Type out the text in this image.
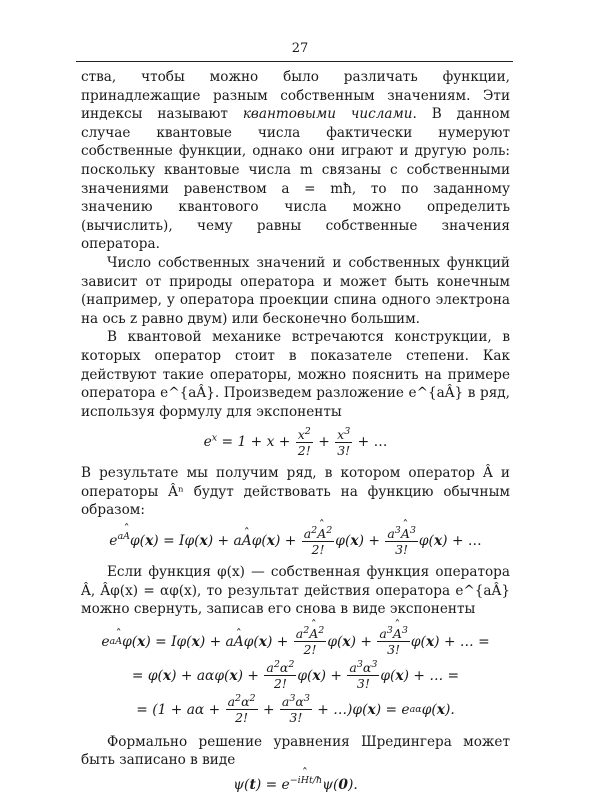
27

ства, чтобы можно было различать функции, принадлежащие разным собственным значениям. Эти индексы называют квантовыми числами. В данном случае квантовые числа фактически нумеруют собственные функции, однако они играют и другую роль: поскольку квантовые числа m связаны с собственными значениями равенством a = mħ, то по заданному значению квантового числа можно определить (вычислить), чему равны собственные значения оператора.

Число собственных значений и собственных функций зависит от природы оператора и может быть конечным (например, у оператора проекции спина одного электрона на ось z равно двум) или бесконечно большим.

В квантовой механике встречаются конструкции, в которых оператор стоит в показателе степени. Как действуют такие операторы, можно пояснить на примере оператора e^{aÂ}. Произведем разложение e^{aÂ} в ряд, используя формулу для экспоненты

$e^x = 1 + x + \frac{x^2}{2!} + \frac{x^3}{3!}$ + …

В результате мы получим ряд, в котором оператор Â и операторы Âⁿ будут действовать на функцию обычным образом:

$e^{aA}\varphi(x) = I\varphi(x)$ + aˆ $A\varphi(x) + \frac{a^2ˆ A^2}{2!} \varphi(x) + \frac{a^3ˆ A^3}{3!} \varphi(x)$ + …

Если функция φ(x) — собственная функция оператора Â, Âφ(x) = αφ(x), то результат действия оператора e^{aÂ} можно свернуть, записав его снова в виде экспоненты

e aA φ( x ) = Iφ( x ) + a
ˆ A φ( x ) + $\frac{a^2ˆ A^2}{2!} \varphi$( x ) + $\frac{a^3ˆ A^3}{3!} \varphi$( x ) + … =
= φ( x ) + aαφ( x ) + $\frac{a^2\alpha^2}{2!} \varphi$( x ) + $\frac{a^3\alpha^3}{3!} \varphi$( x ) + … =
= ($1 + a\alpha + \frac{a^2\alpha^2}{2!} + \frac{a^3\alpha^3}{3!}$ + …)φ( x ) = e aα φ( x ).

Формально решение уравнения Шредингера может быть записано в виде

$\psi(t) = e^{-iHt/ħ}\psi(0)$.
